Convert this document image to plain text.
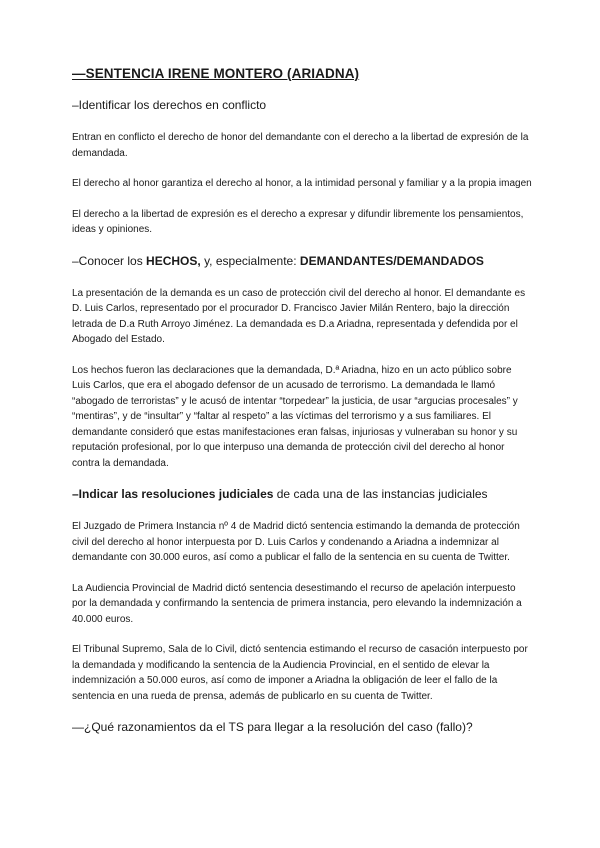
—SENTENCIA IRENE MONTERO (ARIADNA)
–Identificar los derechos en conflicto

Entran en conflicto el derecho de honor del demandante con el derecho a la libertad de expresión de la demandada.

El derecho al honor garantiza el derecho al honor, a la intimidad personal y familiar y a la propia imagen

El derecho a la libertad de expresión es el derecho a expresar y difundir libremente los pensamientos, ideas y opiniones.

–Conocer los HECHOS, y, especialmente: DEMANDANTES/DEMANDADOS

La presentación de la demanda es un caso de protección civil del derecho al honor. El demandante es D. Luis Carlos, representado por el procurador D. Francisco Javier Milán Rentero, bajo la dirección letrada de D.a Ruth Arroyo Jiménez. La demandada es D.a Ariadna, representada y defendida por el Abogado del Estado.

Los hechos fueron las declaraciones que la demandada, D.ª Ariadna, hizo en un acto público sobre Luis Carlos, que era el abogado defensor de un acusado de terrorismo. La demandada le llamó “abogado de terroristas” y le acusó de intentar “torpedear” la justicia, de usar “argucias procesales” y “mentiras”, y de “insultar” y “faltar al respeto” a las víctimas del terrorismo y a sus familiares. El demandante consideró que estas manifestaciones eran falsas, injuriosas y vulneraban su honor y su reputación profesional, por lo que interpuso una demanda de protección civil del derecho al honor contra la demandada.

–Indicar las resoluciones judiciales de cada una de las instancias judiciales

El Juzgado de Primera Instancia nº 4 de Madrid dictó sentencia estimando la demanda de protección civil del derecho al honor interpuesta por D. Luis Carlos y condenando a Ariadna a indemnizar al demandante con 30.000 euros, así como a publicar el fallo de la sentencia en su cuenta de Twitter.

La Audiencia Provincial de Madrid dictó sentencia desestimando el recurso de apelación interpuesto por la demandada y confirmando la sentencia de primera instancia, pero elevando la indemnización a 40.000 euros.

El Tribunal Supremo, Sala de lo Civil, dictó sentencia estimando el recurso de casación interpuesto por la demandada y modificando la sentencia de la Audiencia Provincial, en el sentido de elevar la indemnización a 50.000 euros, así como de imponer a Ariadna la obligación de leer el fallo de la sentencia en una rueda de prensa, además de publicarlo en su cuenta de Twitter.

—¿Qué razonamientos da el TS para llegar a la resolución del caso (fallo)?
